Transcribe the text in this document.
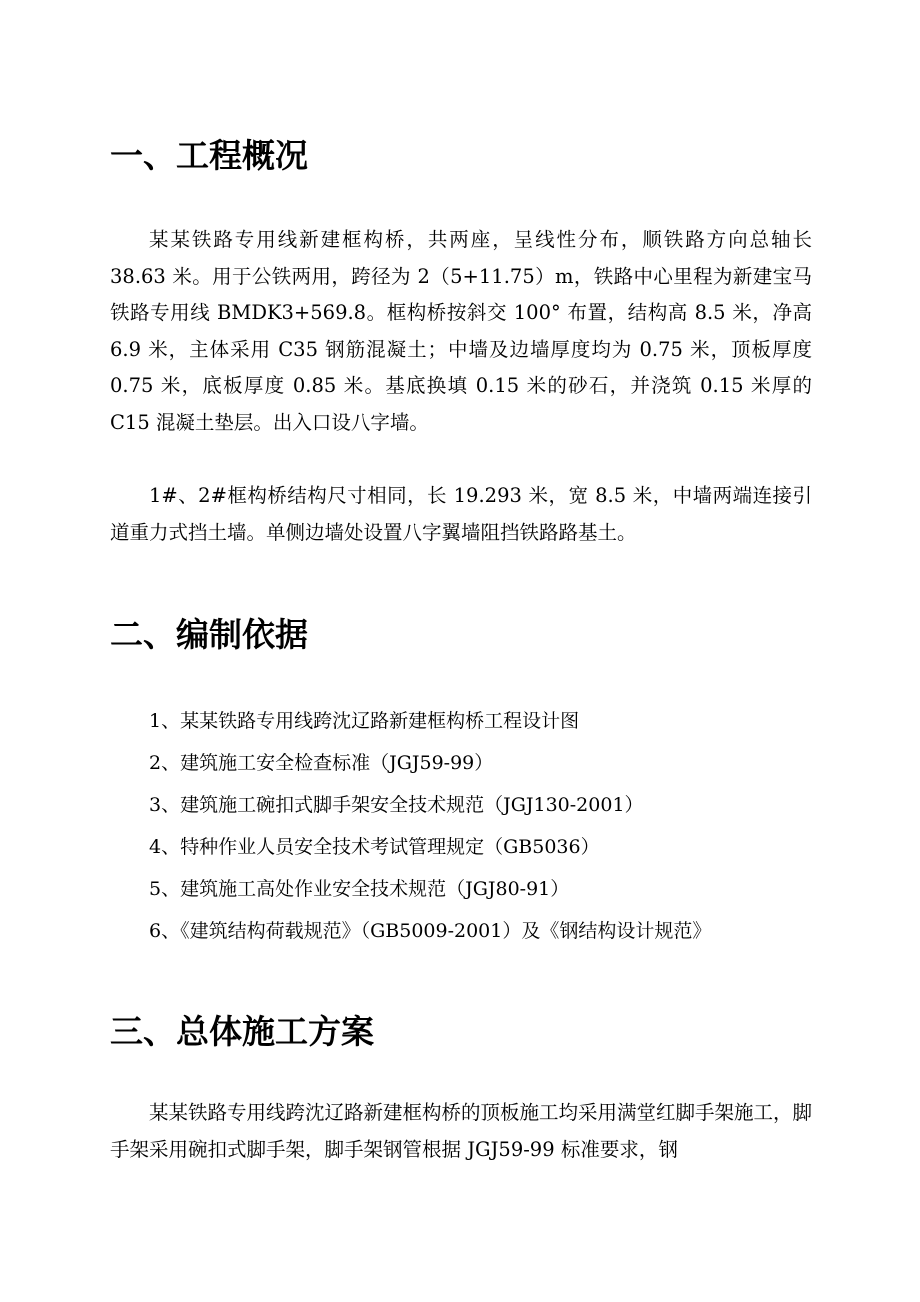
一、工程概况

某某铁路专用线新建框构桥，共两座，呈线性分布，顺铁路方向总轴长 38.63 米。用于公铁两用，跨径为 2（5+11.75）m，铁路中心里程为新建宝马铁路专用线 BMDK3+569.8。框构桥按斜交 100° 布置，结构高 8.5 米，净高 6.9 米，主体采用 C35 钢筋混凝土；中墙及边墙厚度均为 0.75 米，顶板厚度 0.75 米，底板厚度 0.85 米。基底换填 0.15 米的砂石，并浇筑 0.15 米厚的 C15 混凝土垫层。出入口设八字墙。

1#、2#框构桥结构尺寸相同，长 19.293 米，宽 8.5 米，中墙两端连接引道重力式挡土墙。单侧边墙处设置八字翼墙阻挡铁路路基土。

二、编制依据
1、某某铁路专用线跨沈辽路新建框构桥工程设计图
2、建筑施工安全检查标准（JGJ59-99）
3、建筑施工碗扣式脚手架安全技术规范（JGJ130-2001）
4、特种作业人员安全技术考试管理规定（GB5036）
5、建筑施工高处作业安全技术规范（JGJ80-91）
6、《建筑结构荷载规范》（GB5009-2001）及《钢结构设计规范》
三、总体施工方案

某某铁路专用线跨沈辽路新建框构桥的顶板施工均采用满堂红脚手架施工，脚手架采用碗扣式脚手架，脚手架钢管根据 JGJ59-99 标准要求，钢
